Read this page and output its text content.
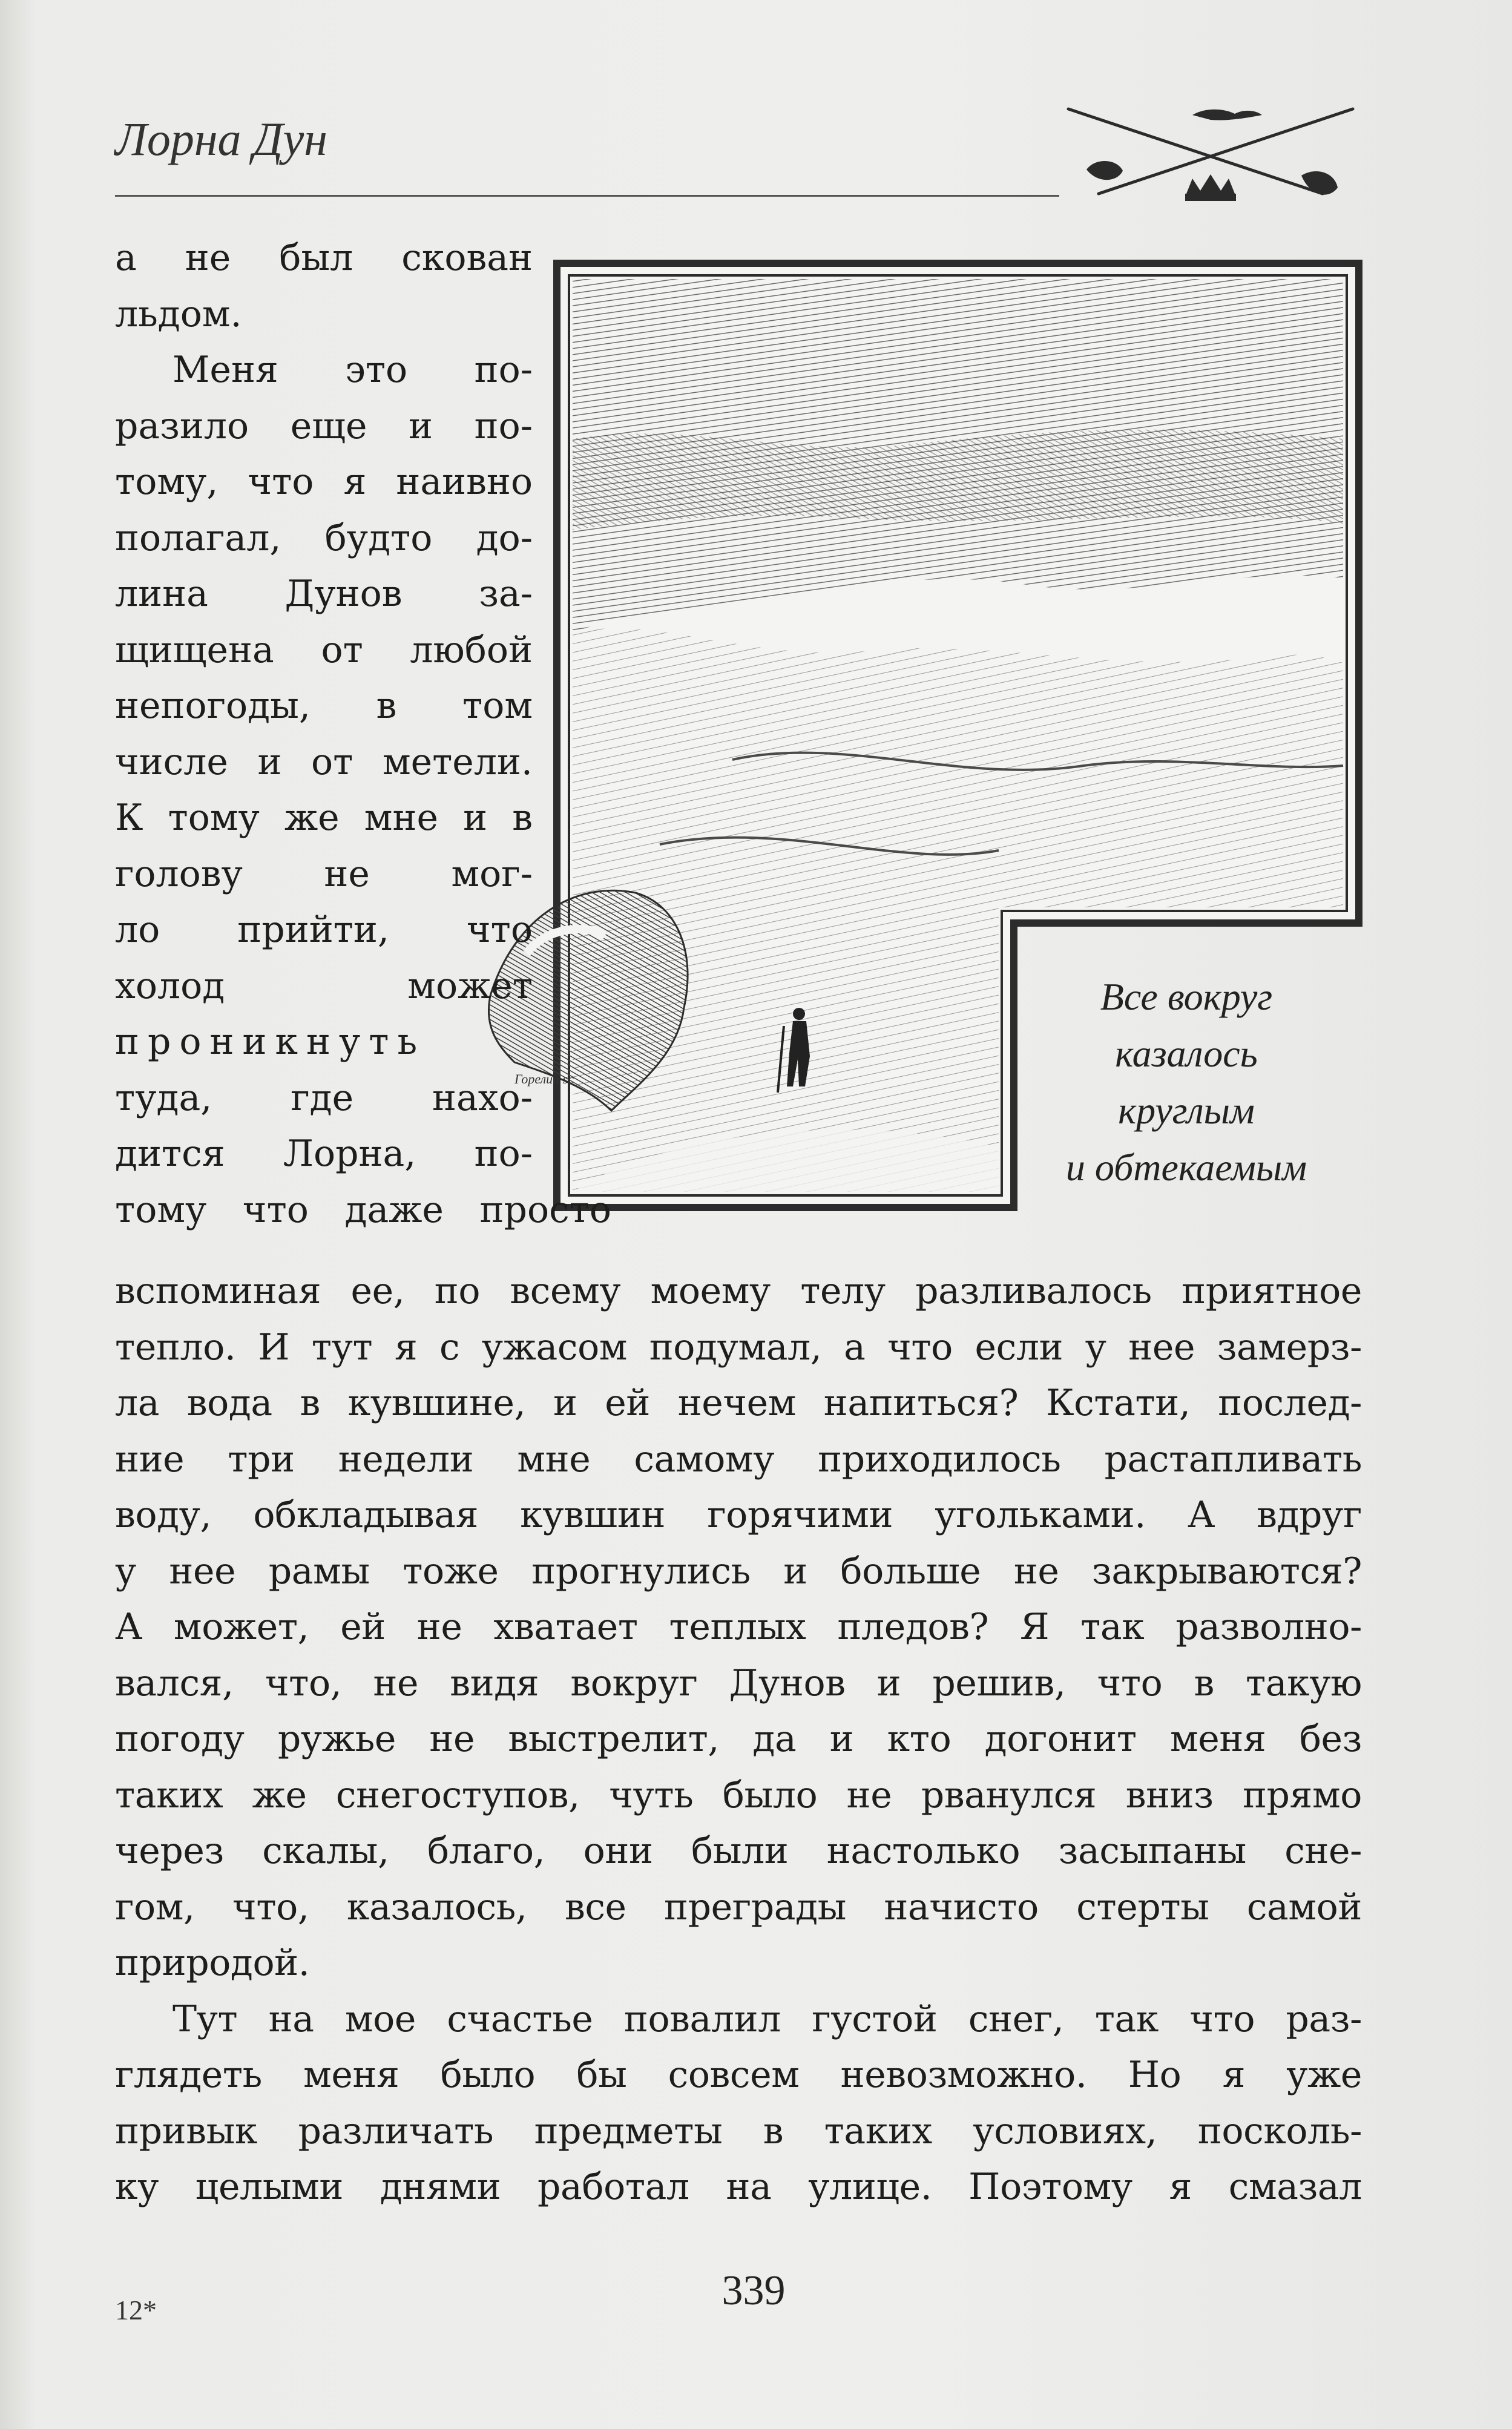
Лорна Дун
Горелий sc
Все вокруг
казалось
круглым
и обтекаемым
а не был скован
льдом.
Меня это по-
разило еще и по-
тому, что я наивно
полагал, будто до-
лина Дунов за-
щищена от любой
непогоды, в том
числе и от метели.
К тому же мне и в
голову не мог-
ло прийти, что
холод может
проникнуть
туда, где нахо-
дится Лорна, по-
тому что даже просто
вспоминая ее, по всему моему телу разливалось приятное
тепло. И тут я с ужасом подумал, а что если у нее замерз-
ла вода в кувшине, и ей нечем напиться? Кстати, послед-
ние три недели мне самому приходилось растапливать
воду, обкладывая кувшин горячими угольками. А вдруг
у нее рамы тоже прогнулись и больше не закрываются?
А может, ей не хватает теплых пледов? Я так разволно-
вался, что, не видя вокруг Дунов и решив, что в такую
погоду ружье не выстрелит, да и кто догонит меня без
таких же снегоступов, чуть было не рванулся вниз прямо
через скалы, благо, они были настолько засыпаны сне-
гом, что, казалось, все преграды начисто стерты самой
природой.
Тут на мое счастье повалил густой снег, так что раз-
глядеть меня было бы совсем невозможно. Но я уже
привык различать предметы в таких условиях, посколь-
ку целыми днями работал на улице. Поэтому я смазал
12*	339
